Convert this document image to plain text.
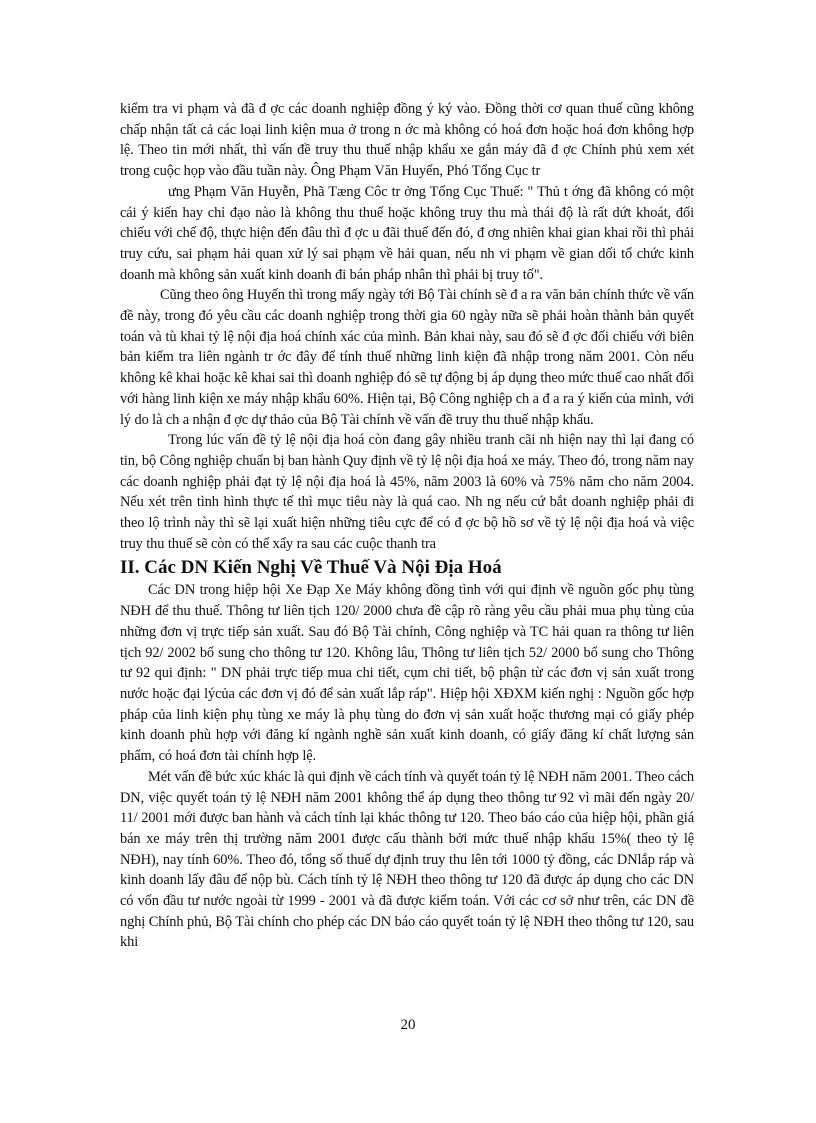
kiểm tra vi phạm và đã đ ợc các doanh nghiệp đồng ý ký vào. Đồng thời cơ quan thuế cũng không chấp nhận tất cả các loại linh kiện mua ở trong n ớc mà không có hoá đơn hoặc hoá đơn không hợp lệ. Theo tin mới nhất, thì vấn đề truy thu thuế nhập khẩu xe gắn máy đã đ ợc Chính phủ xem xét trong cuộc họp vào đầu tuần này. Ông Phạm Văn Huyến, Phó Tổng Cục tr

ưng Phạm Văn Huyễn, Phã Tæng Côc tr ởng Tổng Cục Thuế: " Thủ t ớng đã không có một cái ý kiến hay chỉ đạo nào là không thu thuế hoặc không truy thu mà thái độ là rất dứt khoát, đối chiếu với chế độ, thực hiện đến đâu thì đ ợc u đãi thuế đến đó, đ ơng nhiên khai gian khai rồi thì phải truy cứu, sai phạm hải quan xử lý sai phạm về hải quan, nếu nh vi phạm về gian dối tổ chức kinh doanh mà không sản xuất kinh doanh đi bán pháp nhân thì phải bị truy tố".

Cũng theo ông Huyến thì trong mấy ngày tới Bộ Tài chính sẽ đ a ra văn bản chính thức về vấn đề này, trong đó yêu cầu các doanh nghiệp trong thời gia 60 ngày nữa sẽ phải hoàn thành bản quyết toán và tù khai tỷ lệ nội địa hoá chính xác của mình. Bản khai này, sau đó sẽ đ ợc đối chiếu với biên bản kiểm tra liên ngành tr ớc đây để tính thuế những linh kiện đã nhập trong năm 2001. Còn nếu không kê khai hoặc kê khai sai thì doanh nghiệp đó sẽ tự động bị áp dụng theo mức thuế cao nhất đối với hàng linh kiện xe máy nhập khẩu 60%. Hiện tại, Bộ Công nghiệp ch a đ a ra ý kiến của mình, với lý do là ch a nhận đ ợc dự thảo của Bộ Tài chính về vấn đề truy thu thuế nhập khẩu.

Trong lúc vấn đề tỷ lệ nội địa hoá còn đang gây nhiều tranh cãi nh hiện nay thì lại đang có tin, bộ Công nghiệp chuẩn bị ban hành Quy định về tỷ lệ nội địa hoá xe máy. Theo đó, trong năm nay các doanh nghiệp phải đạt tỷ lệ nội địa hoá là 45%, năm 2003 là 60% và 75% năm cho năm 2004. Nếu xét trên tình hình thực tế thì mục tiêu này là quá cao. Nh ng nếu cứ bắt doanh nghiệp phải đi theo lộ trình này thì sẽ lại xuất hiện những tiêu cực để có đ ợc bộ hồ sơ về tỷ lệ nội địa hoá và việc truy thu thuế sẽ còn có thể xẩy ra sau các cuộc thanh tra

II. Các DN Kiến Nghị Về Thuế Và Nội Địa Hoá

Các DN trong hiệp hội Xe Đạp Xe Máy không đồng tình với qui định về nguồn gốc phụ tùng NĐH để thu thuế. Thông tư liên tịch 120/ 2000 chưa đề cập rõ ràng yêu cầu phải mua phụ tùng của những đơn vị trực tiếp sản xuất. Sau đó Bộ Tài chính, Công nghiệp và TC hải quan ra thông tư liên tịch 92/ 2002 bổ sung cho thông tư 120. Không lâu, Thông tư liên tịch 52/ 2000 bổ sung cho Thông tư 92 qui định: " DN phải trực tiếp mua chi tiết, cụm chi tiết, bộ phận từ các đơn vị sản xuất trong nước hoặc đại lýcủa các đơn vị đó để sản xuất lắp ráp". Hiệp hội XĐXM kiến nghị : Nguồn gốc hợp pháp của linh kiện phụ tùng xe máy là phụ tùng do đơn vị sản xuất hoặc thương mại có giấy phép kinh doanh phù hợp với đăng kí ngành nghề sản xuất kinh doanh, có giấy đăng kí chất lượng sản phẩm, có hoá đơn tài chính hợp lệ.

Mét vấn đề bức xúc khác là qui định về cách tính và quyết toán tỷ lệ NĐH năm 2001. Theo cách DN, việc quyết toán tỷ lệ NĐH năm 2001 không thể áp dụng theo thông tư 92 vì mãi đến ngày 20/ 11/ 2001 mới được ban hành và cách tính lại khác thông tư 120. Theo báo cáo của hiệp hội, phần giá bán xe máy trên thị trường năm 2001 được cấu thành bởi mức thuế nhập khẩu 15%( theo tỷ lệ NĐH), nay tính 60%. Theo đó, tổng số thuế dự định truy thu lên tới 1000 tỷ đồng, các DNlắp ráp và kinh doanh lấy đâu để nộp bù. Cách tính tỷ lệ NĐH theo thông tư 120 đã được áp dụng cho các DN có vốn đầu tư nước ngoài từ 1999 - 2001 và đã được kiểm toán. Với các cơ sở như trên, các DN đề nghị Chính phủ, Bộ Tài chính cho phép các DN báo cáo quyết toán tỷ lệ NĐH theo thông tư 120, sau khi

20
